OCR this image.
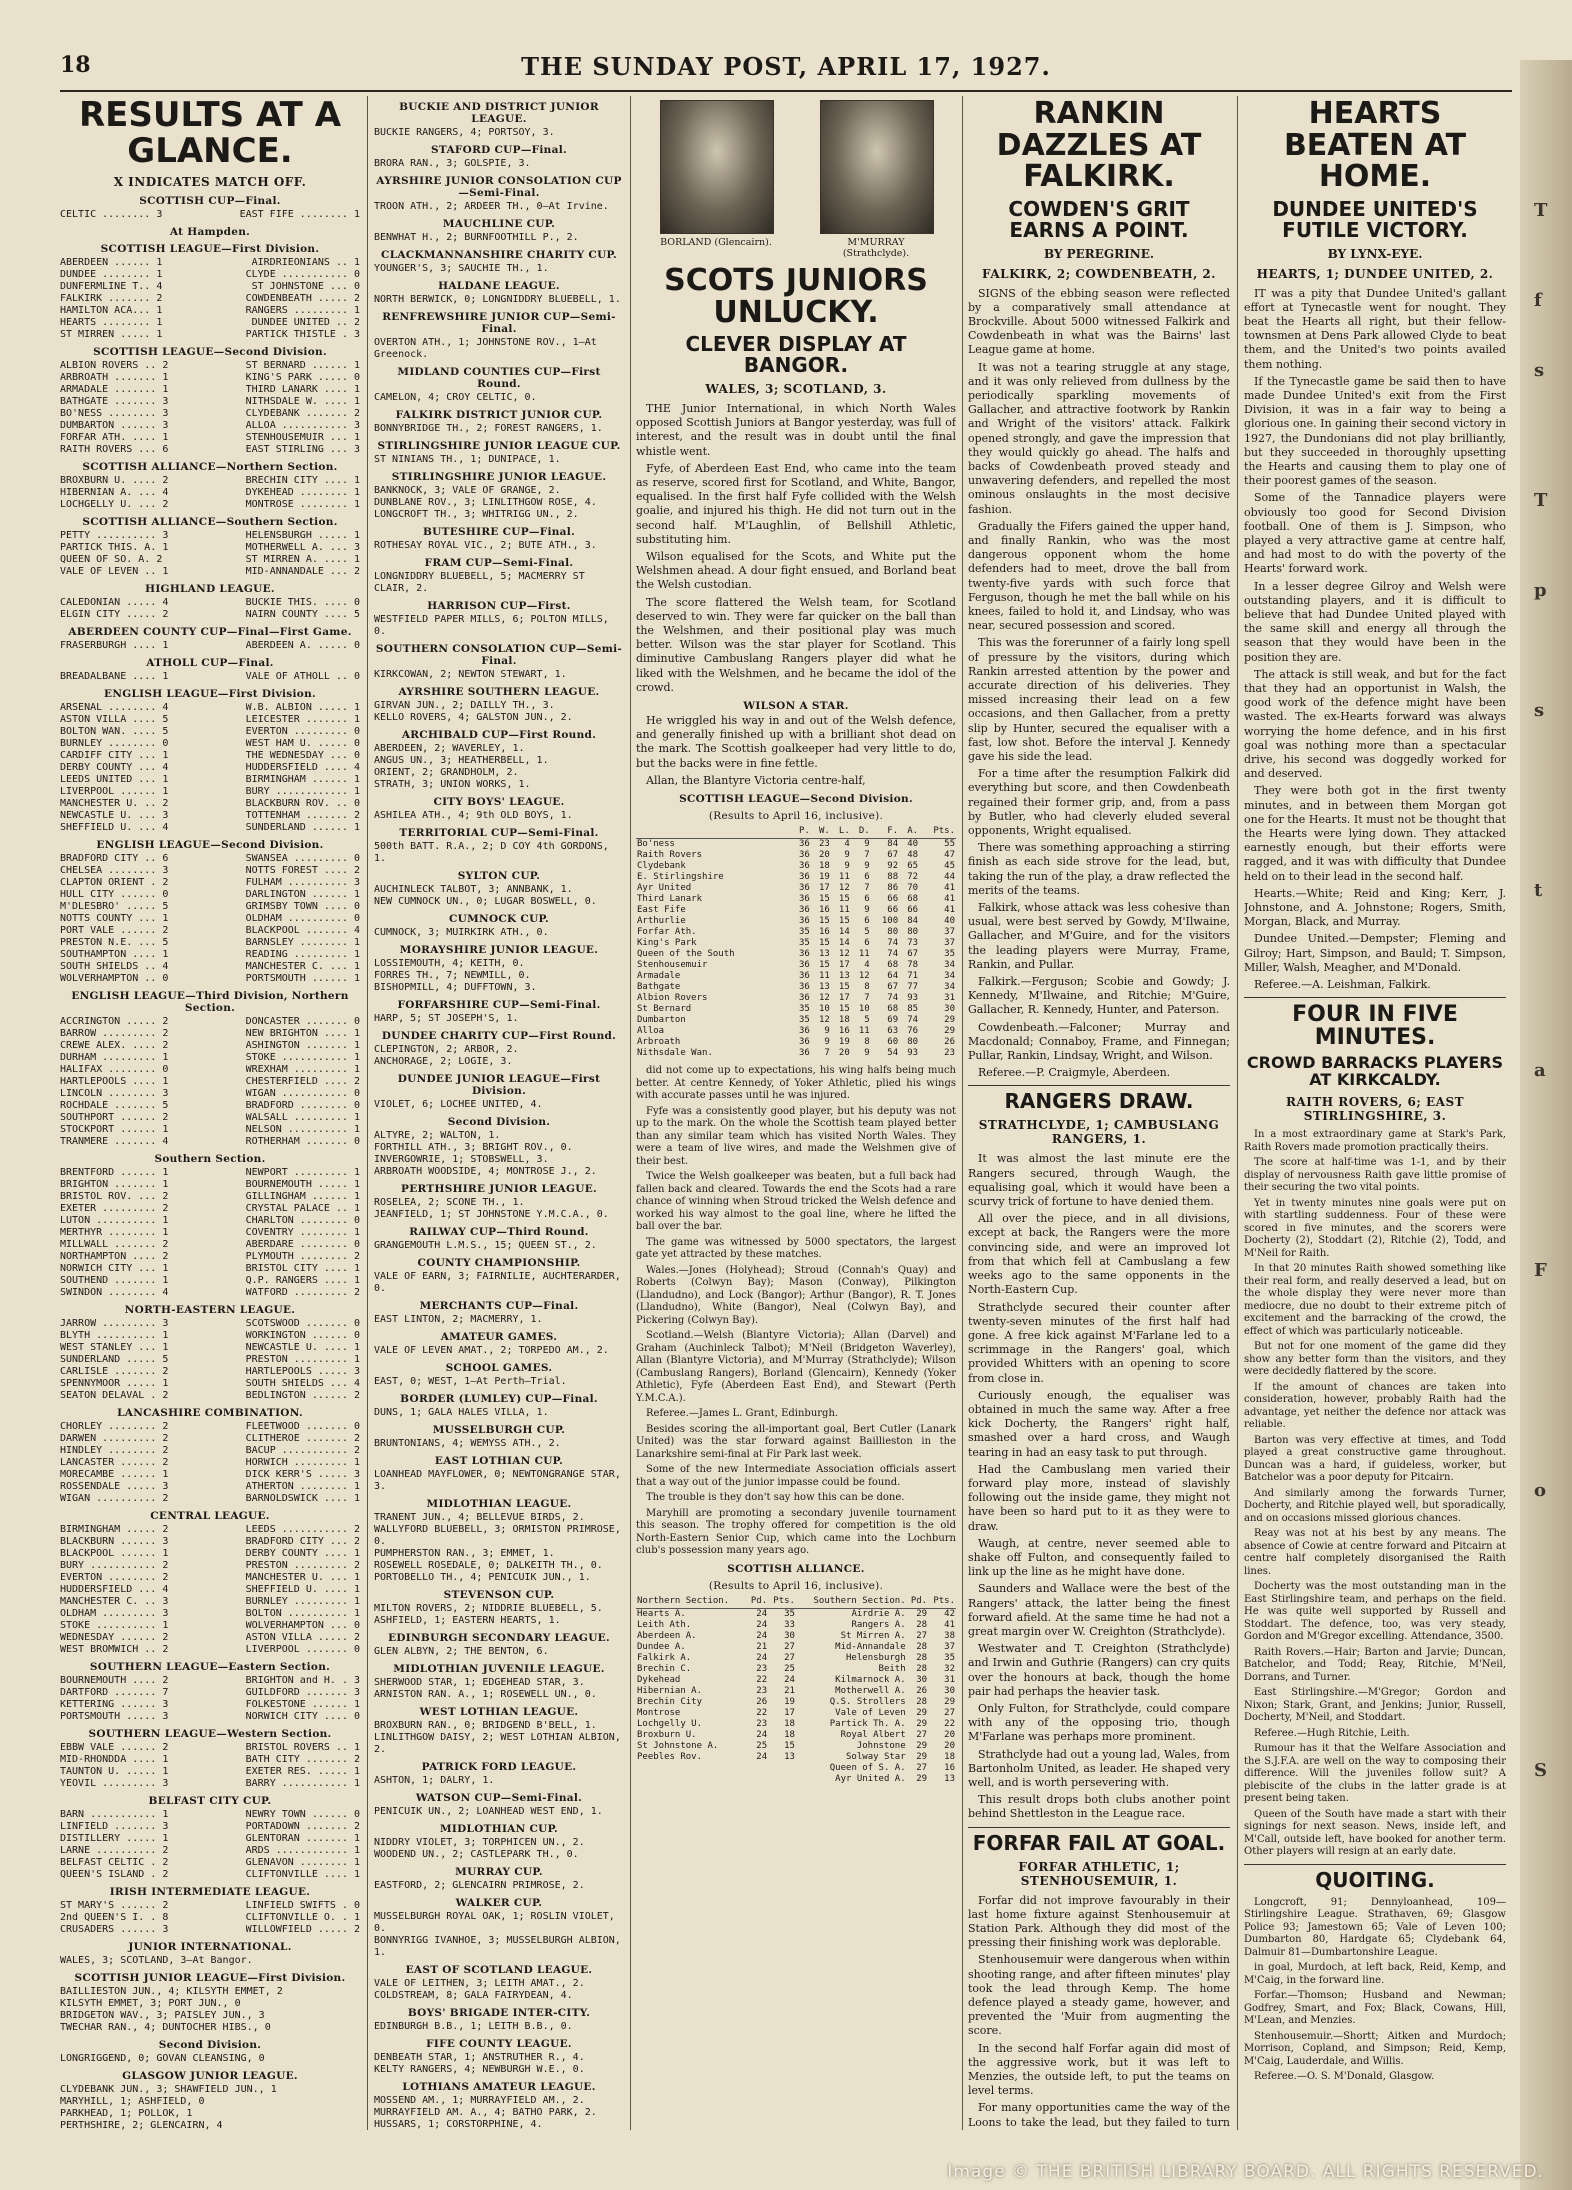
18	THE SUNDAY POST, APRIL 17, 1927.
RESULTS AT A GLANCE.
X INDICATES MATCH OFF.
SCOTTISH CUP—Final.
CELTIC ........ 3	EAST FIFE ........ 1
At Hampden.
SCOTTISH LEAGUE—First Division.
ABERDEEN ...... 1	AIRDRIEONIANS .. 1
DUNDEE ........ 1	CLYDE ........... 0
DUNFERMLINE T.. 4	ST JOHNSTONE ... 0
FALKIRK ....... 2	COWDENBEATH ..... 2
HAMILTON ACA... 1	RANGERS ......... 1
HEARTS ........ 1	DUNDEE UNITED .. 2
ST MIRREN ..... 1	PARTICK THISTLE . 3
SCOTTISH LEAGUE—Second Division.
ALBION ROVERS .. 2	ST BERNARD ...... 1
ARBROATH ....... 1	KING'S PARK ..... 0
ARMADALE ....... 1	THIRD LANARK .... 1
BATHGATE ....... 3	NITHSDALE W. .... 1
BO'NESS ........ 3	CLYDEBANK ....... 2
DUMBARTON ...... 3	ALLOA ........... 3
FORFAR ATH. .... 1	STENHOUSEMUIR ... 1
RAITH ROVERS ... 6	EAST STIRLING ... 3
SCOTTISH ALLIANCE—Northern Section.
BROXBURN U. .... 2	BRECHIN CITY .... 1
HIBERNIAN A. ... 4	DYKEHEAD ........ 1
LOCHGELLY U. ... 2	MONTROSE ........ 1
SCOTTISH ALLIANCE—Southern Section.
PETTY .......... 3	HELENSBURGH ..... 1
PARTICK THIS. A. 1	MOTHERWELL A. ... 3
QUEEN OF SO. A. 2	ST MIRREN A. .... 1
VALE OF LEVEN .. 1	MID-ANNANDALE ... 2
HIGHLAND LEAGUE.
CALEDONIAN ..... 4	BUCKIE THIS. .... 0
ELGIN CITY ..... 2	NAIRN COUNTY .... 5
ABERDEEN COUNTY CUP—Final—First Game.
FRASERBURGH .... 1	ABERDEEN A. ..... 0
ATHOLL CUP—Final.
BREADALBANE .... 1	VALE OF ATHOLL .. 0
ENGLISH LEAGUE—First Division.
ARSENAL ........ 4	W.B. ALBION ..... 1
ASTON VILLA .... 5	LEICESTER ....... 1
BOLTON WAN. .... 5	EVERTON ......... 0
BURNLEY ........ 0	WEST HAM U. ..... 0
CARDIFF CITY ... 1	THE WEDNESDAY ... 0
DERBY COUNTY ... 4	HUDDERSFIELD .... 4
LEEDS UNITED ... 1	BIRMINGHAM ...... 1
LIVERPOOL ...... 1	BURY ............ 1
MANCHESTER U. .. 2	BLACKBURN ROV. .. 0
NEWCASTLE U. ... 3	TOTTENHAM ....... 2
SHEFFIELD U. ... 4	SUNDERLAND ...... 1
ENGLISH LEAGUE—Second Division.
BRADFORD CITY .. 6	SWANSEA ......... 0
CHELSEA ........ 3	NOTTS FOREST .... 2
CLAPTON ORIENT . 2	FULHAM .......... 3
HULL CITY ...... 0	DARLINGTON ...... 1
M'DLESBRO' ..... 5	GRIMSBY TOWN .... 0
NOTTS COUNTY ... 1	OLDHAM .......... 0
PORT VALE ...... 2	BLACKPOOL ....... 4
PRESTON N.E. ... 5	BARNSLEY ........ 1
SOUTHAMPTON .... 1	READING ......... 1
SOUTH SHIELDS .. 4	MANCHESTER C. ... 1
WOLVERHAMPTON .. 0	PORTSMOUTH ...... 1
ENGLISH LEAGUE—Third Division, Northern Section.
ACCRINGTON ..... 2	DONCASTER ....... 0
BARROW ......... 2	NEW BRIGHTON .... 1
CREWE ALEX. .... 2	ASHINGTON ....... 1
DURHAM ......... 1	STOKE ........... 1
HALIFAX ........ 0	WREXHAM ......... 1
HARTLEPOOLS .... 1	CHESTERFIELD .... 2
LINCOLN ........ 3	WIGAN ........... 0
ROCHDALE ....... 5	BRADFORD ........ 0
SOUTHPORT ...... 2	WALSALL ......... 1
STOCKPORT ...... 1	NELSON .......... 1
TRANMERE ....... 4	ROTHERHAM ....... 0
Southern Section.
BRENTFORD ...... 1	NEWPORT ......... 1
BRIGHTON ....... 1	BOURNEMOUTH ..... 1
BRISTOL ROV. ... 2	GILLINGHAM ...... 1
EXETER ......... 2	CRYSTAL PALACE .. 1
LUTON .......... 1	CHARLTON ........ 0
MERTHYR ........ 1	COVENTRY ........ 1
MILLWALL ....... 2	ABERDARE ........ 0
NORTHAMPTON .... 2	PLYMOUTH ........ 2
NORWICH CITY ... 1	BRISTOL CITY .... 1
SOUTHEND ....... 1	Q.P. RANGERS .... 1
SWINDON ........ 4	WATFORD ......... 2
NORTH-EASTERN LEAGUE.
JARROW ......... 3	SCOTSWOOD ....... 0
BLYTH .......... 1	WORKINGTON ...... 0
WEST STANLEY ... 1	NEWCASTLE U. .... 1
SUNDERLAND ..... 5	PRESTON ......... 1
CARLISLE ....... 2	HARTLEPOOLS ..... 3
SPENNYMOOR ..... 1	SOUTH SHIELDS ... 4
SEATON DELAVAL . 2	BEDLINGTON ...... 2
LANCASHIRE COMBINATION.
CHORLEY ........ 2	FLEETWOOD ....... 0
DARWEN ......... 2	CLITHEROE ....... 2
HINDLEY ........ 2	BACUP ........... 2
LANCASTER ...... 2	HORWICH ......... 1
MORECAMBE ...... 1	DICK KERR'S ..... 3
ROSSENDALE ..... 3	ATHERTON ........ 1
WIGAN .......... 2	BARNOLDSWICK .... 1
CENTRAL LEAGUE.
BIRMINGHAM ..... 2	LEEDS ........... 2
BLACKBURN ...... 3	BRADFORD CITY ... 2
BLACKPOOL ...... 1	DERBY COUNTY .... 1
BURY ........... 2	PRESTON ......... 2
EVERTON ........ 2	MANCHESTER U. ... 1
HUDDERSFIELD ... 4	SHEFFIELD U. .... 1
MANCHESTER C. .. 3	BURNLEY ......... 1
OLDHAM ......... 3	BOLTON .......... 1
STOKE .......... 1	WOLVERHAMPTON ... 0
WEDNESDAY ...... 2	ASTON VILLA ..... 2
WEST BROMWICH .. 2	LIVERPOOL ....... 0
SOUTHERN LEAGUE—Eastern Section.
BOURNEMOUTH .... 2	BRIGHTON and H. . 3
DARTFORD ....... 7	GUILDFORD ....... 3
KETTERING ...... 3	FOLKESTONE ...... 1
PORTSMOUTH ..... 3	NORWICH CITY .... 0
SOUTHERN LEAGUE—Western Section.
EBBW VALE ...... 2	BRISTOL ROVERS .. 1
MID-RHONDDA .... 1	BATH CITY ....... 2
TAUNTON U. ..... 1	EXETER RES. ..... 1
YEOVIL ......... 3	BARRY ........... 1
BELFAST CITY CUP.
BARN ........... 1	NEWRY TOWN ...... 0
LINFIELD ....... 3	PORTADOWN ....... 2
DISTILLERY ..... 1	GLENTORAN ....... 1
LARNE .......... 2	ARDS ............ 1
BELFAST CELTIC . 2	GLENAVON ........ 1
QUEEN'S ISLAND . 2	CLIFTONVILLE .... 1
IRISH INTERMEDIATE LEAGUE.
ST MARY'S ...... 2	LINFIELD SWIFTS . 0
2nd QUEEN'S I. . 8	CLIFTONVILLE O. . 1
CRUSADERS ...... 3	WILLOWFIELD ..... 2
JUNIOR INTERNATIONAL.
WALES, 3; SCOTLAND, 3—At Bangor.
SCOTTISH JUNIOR LEAGUE—First Division.
BAILLIESTON JUN., 4; KILSYTH EMMET, 2
KILSYTH EMMET, 3; PORT JUN., 0
BRIDGETON WAV., 3; PAISLEY JUN., 3
TWECHAR RAN., 4; DUNTOCHER HIBS., 0
Second Division.
LONGRIGGEND, 0; GOVAN CLEANSING, 0
GLASGOW JUNIOR LEAGUE.
CLYDEBANK JUN., 3; SHAWFIELD JUN., 1
MARYHILL, 1; ASHFIELD, 0
PARKHEAD, 1; POLLOK, 1
PERTHSHIRE, 2; GLENCAIRN, 4
BUCKIE AND DISTRICT JUNIOR LEAGUE.
BUCKIE RANGERS, 4; PORTSOY, 3.
STAFORD CUP—Final.
BRORA RAN., 3; GOLSPIE, 3.
AYRSHIRE JUNIOR CONSOLATION CUP—Semi-Final.
TROON ATH., 2; ARDEER TH., 0—At Irvine.
MAUCHLINE CUP.
BENWHAT H., 2; BURNFOOTHILL P., 2.
CLACKMANNANSHIRE CHARITY CUP.
YOUNGER'S, 3; SAUCHIE TH., 1.
HALDANE LEAGUE.
NORTH BERWICK, 0; LONGNIDDRY BLUEBELL, 1.
RENFREWSHIRE JUNIOR CUP—Semi-Final.
OVERTON ATH., 1; JOHNSTONE ROV., 1—At Greenock.
MIDLAND COUNTIES CUP—First Round.
CAMELON, 4; CROY CELTIC, 0.
FALKIRK DISTRICT JUNIOR CUP.
BONNYBRIDGE TH., 2; FOREST RANGERS, 1.
STIRLINGSHIRE JUNIOR LEAGUE CUP.
ST NINIANS TH., 1; DUNIPACE, 1.
STIRLINGSHIRE JUNIOR LEAGUE.
BANKNOCK, 3; VALE OF GRANGE, 2.
DUNBLANE ROV., 3; LINLITHGOW ROSE, 4.
LONGCROFT TH., 3; WHITRIGG UN., 2.
BUTESHIRE CUP—Final.
ROTHESAY ROYAL VIC., 2; BUTE ATH., 3.
FRAM CUP—Semi-Final.
LONGNIDDRY BLUEBELL, 5; MACMERRY ST CLAIR, 2.
HARRISON CUP—First.
WESTFIELD PAPER MILLS, 6; POLTON MILLS, 0.
SOUTHERN CONSOLATION CUP—Semi-Final.
KIRKCOWAN, 2; NEWTON STEWART, 1.
AYRSHIRE SOUTHERN LEAGUE.
GIRVAN JUN., 2; DAILLY TH., 3.
KELLO ROVERS, 4; GALSTON JUN., 2.
ARCHIBALD CUP—First Round.
ABERDEEN, 2; WAVERLEY, 1.
ANGUS UN., 3; HEATHERBELL, 1.
ORIENT, 2; GRANDHOLM, 2.
STRATH, 3; UNION WORKS, 1.
CITY BOYS' LEAGUE.
ASHILEA ATH., 4; 9th OLD BOYS, 1.
TERRITORIAL CUP—Semi-Final.
500th BATT. R.A., 2; D COY 4th GORDONS, 1.
SYLTON CUP.
AUCHINLECK TALBOT, 3; ANNBANK, 1.
NEW CUMNOCK UN., 0; LUGAR BOSWELL, 0.
CUMNOCK CUP.
CUMNOCK, 3; MUIRKIRK ATH., 0.
MORAYSHIRE JUNIOR LEAGUE.
LOSSIEMOUTH, 4; KEITH, 0.
FORRES TH., 7; NEWMILL, 0.
BISHOPMILL, 4; DUFFTOWN, 3.
FORFARSHIRE CUP—Semi-Final.
HARP, 5; ST JOSEPH'S, 1.
DUNDEE CHARITY CUP—First Round.
CLEPINGTON, 2; ARBOR, 2.
ANCHORAGE, 2; LOGIE, 3.
DUNDEE JUNIOR LEAGUE—First Division.
VIOLET, 6; LOCHEE UNITED, 4.
Second Division.
ALTYRE, 2; WALTON, 1.
FORTHILL ATH., 3; BRIGHT ROV., 0.
INVERGOWRIE, 1; STOBSWELL, 3.
ARBROATH WOODSIDE, 4; MONTROSE J., 2.
PERTHSHIRE JUNIOR LEAGUE.
ROSELEA, 2; SCONE TH., 1.
JEANFIELD, 1; ST JOHNSTONE Y.M.C.A., 0.
RAILWAY CUP—Third Round.
GRANGEMOUTH L.M.S., 15; QUEEN ST., 2.
COUNTY CHAMPIONSHIP.
VALE OF EARN, 3; FAIRNILIE, AUCHTERARDER, 0.
MERCHANTS CUP—Final.
EAST LINTON, 2; MACMERRY, 1.
AMATEUR GAMES.
VALE OF LEVEN AMAT., 2; TORPEDO AM., 2.
SCHOOL GAMES.
EAST, 0; WEST, 1—At Perth—Trial.
BORDER (LUMLEY) CUP—Final.
DUNS, 1; GALA HALES VILLA, 1.
MUSSELBURGH CUP.
BRUNTONIANS, 4; WEMYSS ATH., 2.
EAST LOTHIAN CUP.
LOANHEAD MAYFLOWER, 0; NEWTONGRANGE STAR, 3.
MIDLOTHIAN LEAGUE.
TRANENT JUN., 4; BELLEVUE BIRDS, 2.
WALLYFORD BLUEBELL, 3; ORMISTON PRIMROSE, 0.
PUMPHERSTON RAN., 3; EMMET, 1.
ROSEWELL ROSEDALE, 0; DALKEITH TH., 0.
PORTOBELLO TH., 4; PENICUIK JUN., 1.
STEVENSON CUP.
MILTON ROVERS, 2; NIDDRIE BLUEBELL, 5.
ASHFIELD, 1; EASTERN HEARTS, 1.
EDINBURGH SECONDARY LEAGUE.
GLEN ALBYN, 2; THE BENTON, 6.
MIDLOTHIAN JUVENILE LEAGUE.
SHERWOOD STAR, 1; EDGEHEAD STAR, 3.
ARNISTON RAN. A., 1; ROSEWELL UN., 0.
WEST LOTHIAN LEAGUE.
BROXBURN RAN., 0; BRIDGEND B'BELL, 1.
LINLITHGOW DAISY, 2; WEST LOTHIAN ALBION, 2.
PATRICK FORD LEAGUE.
ASHTON, 1; DALRY, 1.
WATSON CUP—Semi-Final.
PENICUIK UN., 2; LOANHEAD WEST END, 1.
MIDLOTHIAN CUP.
NIDDRY VIOLET, 3; TORPHICEN UN., 2.
WOODEND UN., 2; CASTLEPARK TH., 0.
MURRAY CUP.
EASTFORD, 2; GLENCAIRN PRIMROSE, 2.
WALKER CUP.
MUSSELBURGH ROYAL OAK, 1; ROSLIN VIOLET, 0.
BONNYRIGG IVANHOE, 3; MUSSELBURGH ALBION, 1.
EAST OF SCOTLAND LEAGUE.
VALE OF LEITHEN, 3; LEITH AMAT., 2.
COLDSTREAM, 8; GALA FAIRYDEAN, 4.
BOYS' BRIGADE INTER-CITY.
EDINBURGH B.B., 1; LEITH B.B., 0.
FIFE COUNTY LEAGUE.
DENBEATH STAR, 1; ANSTRUTHER R., 4.
KELTY RANGERS, 4; NEWBURGH W.E., 0.
LOTHIANS AMATEUR LEAGUE.
MOSSEND AM., 1; MURRAYFIELD AM., 2.
MURRAYFIELD AM. A., 4; BATHO PARK, 2.
HUSSARS, 1; CORSTORPHINE, 4.
BORLAND (Glencairn).	M'MURRAY (Strathclyde).
SCOTS JUNIORS UNLUCKY.
CLEVER DISPLAY AT BANGOR.
WALES, 3; SCOTLAND, 3.

THE Junior International, in which North Wales opposed Scottish Juniors at Bangor yesterday, was full of interest, and the result was in doubt until the final whistle went.

Fyfe, of Aberdeen East End, who came into the team as reserve, scored first for Scotland, and White, Bangor, equalised. In the first half Fyfe collided with the Welsh goalie, and injured his thigh. He did not turn out in the second half. M'Laughlin, of Bellshill Athletic, substituting him.

Wilson equalised for the Scots, and White put the Welshmen ahead. A dour fight ensued, and Borland beat the Welsh custodian.

The score flattered the Welsh team, for Scotland deserved to win. They were far quicker on the ball than the Welshmen, and their positional play was much better. Wilson was the star player for Scotland. This diminutive Cambuslang Rangers player did what he liked with the Welshmen, and he became the idol of the crowd.

WILSON A STAR.

He wriggled his way in and out of the Welsh defence, and generally finished up with a brilliant shot dead on the mark. The Scottish goalkeeper had very little to do, but the backs were in fine fettle.

Allan, the Blantyre Victoria centre-half,

SCOTTISH LEAGUE—Second Division.
(Results to April 16, inclusive).
	P.	W.	L.	D.	F.	A.	Pts.
Bo'ness	36	23	4	9	84	40	55
Raith Rovers	36	20	9	7	67	48	47
Clydebank	36	18	9	9	92	65	45
E. Stirlingshire	36	19	11	6	88	72	44
Ayr United	36	17	12	7	86	70	41
Third Lanark	36	15	15	6	66	68	41
East Fife	36	16	11	9	66	66	41
Arthurlie	36	15	15	6	100	84	40
Forfar Ath.	35	16	14	5	80	80	37
King's Park	35	15	14	6	74	73	37
Queen of the South	36	13	12	11	74	67	35
Stenhousemuir	36	15	17	4	68	78	34
Armadale	36	11	13	12	64	71	34
Bathgate	36	13	15	8	67	77	34
Albion Rovers	36	12	17	7	74	93	31
St Bernard	35	10	15	10	68	85	30
Dumbarton	35	12	18	5	69	74	29
Alloa	36	9	16	11	63	76	29
Arbroath	36	9	19	8	60	80	26
Nithsdale Wan.	36	7	20	9	54	93	23

did not come up to expectations, his wing halfs being much better. At centre Kennedy, of Yoker Athletic, plied his wings with accurate passes until he was injured.

Fyfe was a consistently good player, but his deputy was not up to the mark. On the whole the Scottish team played better than any similar team which has visited North Wales. They were a team of live wires, and made the Welshmen give of their best.

Twice the Welsh goalkeeper was beaten, but a full back had fallen back and cleared. Towards the end the Scots had a rare chance of winning when Stroud tricked the Welsh defence and worked his way almost to the goal line, where he lifted the ball over the bar.

The game was witnessed by 5000 spectators, the largest gate yet attracted by these matches.

Wales.—Jones (Holyhead); Stroud (Connah's Quay) and Roberts (Colwyn Bay); Mason (Conway), Pilkington (Llandudno), and Lock (Bangor); Arthur (Bangor), R. T. Jones (Llandudno), White (Bangor), Neal (Colwyn Bay), and Pickering (Colwyn Bay).

Scotland.—Welsh (Blantyre Victoria); Allan (Darvel) and Graham (Auchinleck Talbot); M'Neil (Bridgeton Waverley), Allan (Blantyre Victoria), and M'Murray (Strathclyde); Wilson (Cambuslang Rangers), Borland (Glencairn), Kennedy (Yoker Athletic), Fyfe (Aberdeen East End), and Stewart (Perth Y.M.C.A.).

Referee.—James L. Grant, Edinburgh.

Besides scoring the all-important goal, Bert Cutler (Lanark United) was the star forward against Baillieston in the Lanarkshire semi-final at Fir Park last week.

Some of the new Intermediate Association officials assert that a way out of the junior impasse could be found.

The trouble is they don't say how this can be done.

Maryhill are promoting a secondary juvenile tournament this season. The trophy offered for competition is the old North-Eastern Senior Cup, which came into the Lochburn club's possession many years ago.

SCOTTISH ALLIANCE.
(Results to April 16, inclusive).
Northern Section.	Pd.	Pts.	Southern Section.	Pd.	Pts.
Hearts A.	24	35	Airdrie A.	29	42
Leith Ath.	24	33	Rangers A.	28	41
Aberdeen A.	24	30	St Mirren A.	27	38
Dundee A.	21	27	Mid-Annandale	28	37
Falkirk A.	24	27	Helensburgh	28	35
Brechin C.	23	25	Beith	28	32
Dykehead	22	24	Kilmarnock A.	30	31
Hibernian A.	23	21	Motherwell A.	26	30
Brechin City	26	19	Q.S. Strollers	28	29
Montrose	22	17	Vale of Leven	29	27
Lochgelly U.	23	18	Partick Th. A.	29	22
Broxburn U.	24	18	Royal Albert	27	20
St Johnstone A.	25	15	Johnstone	29	20
Peebles Rov.	24	13	Solway Star	29	18
			Queen of S. A.	27	16
			Ayr United A.	29	13
RANKIN DAZZLES AT FALKIRK.
COWDEN'S GRIT EARNS A POINT.
BY PEREGRINE.
FALKIRK, 2; COWDENBEATH, 2.

SIGNS of the ebbing season were reflected by a comparatively small attendance at Brockville. About 5000 witnessed Falkirk and Cowdenbeath in what was the Bairns' last League game at home.

It was not a tearing struggle at any stage, and it was only relieved from dullness by the periodically sparkling movements of Gallacher, and attractive footwork by Rankin and Wright of the visitors' attack. Falkirk opened strongly, and gave the impression that they would quickly go ahead. The halfs and backs of Cowdenbeath proved steady and unwavering defenders, and repelled the most ominous onslaughts in the most decisive fashion.

Gradually the Fifers gained the upper hand, and finally Rankin, who was the most dangerous opponent whom the home defenders had to meet, drove the ball from twenty-five yards with such force that Ferguson, though he met the ball while on his knees, failed to hold it, and Lindsay, who was near, secured possession and scored.

This was the forerunner of a fairly long spell of pressure by the visitors, during which Rankin arrested attention by the power and accurate direction of his deliveries. They missed increasing their lead on a few occasions, and then Gallacher, from a pretty slip by Hunter, secured the equaliser with a fast, low shot. Before the interval J. Kennedy gave his side the lead.

For a time after the resumption Falkirk did everything but score, and then Cowdenbeath regained their former grip, and, from a pass by Butler, who had cleverly eluded several opponents, Wright equalised.

There was something approaching a stirring finish as each side strove for the lead, but, taking the run of the play, a draw reflected the merits of the teams.

Falkirk, whose attack was less cohesive than usual, were best served by Gowdy, M'Ilwaine, Gallacher, and M'Guire, and for the visitors the leading players were Murray, Frame, Rankin, and Pullar.

Falkirk.—Ferguson; Scobie and Gowdy; J. Kennedy, M'Ilwaine, and Ritchie; M'Guire, Gallacher, R. Kennedy, Hunter, and Paterson.

Cowdenbeath.—Falconer; Murray and Macdonald; Connaboy, Frame, and Finnegan; Pullar, Rankin, Lindsay, Wright, and Wilson.

Referee.—P. Craigmyle, Aberdeen.

RANGERS DRAW.
STRATHCLYDE, 1; CAMBUSLANG RANGERS, 1.

It was almost the last minute ere the Rangers secured, through Waugh, the equalising goal, which it would have been a scurvy trick of fortune to have denied them.

All over the piece, and in all divisions, except at back, the Rangers were the more convincing side, and were an improved lot from that which fell at Cambuslang a few weeks ago to the same opponents in the North-Eastern Cup.

Strathclyde secured their counter after twenty-seven minutes of the first half had gone. A free kick against M'Farlane led to a scrimmage in the Rangers' goal, which provided Whitters with an opening to score from close in.

Curiously enough, the equaliser was obtained in much the same way. After a free kick Docherty, the Rangers' right half, smashed over a hard cross, and Waugh tearing in had an easy task to put through.

Had the Cambuslang men varied their forward play more, instead of slavishly following out the inside game, they might not have been so hard put to it as they were to draw.

Waugh, at centre, never seemed able to shake off Fulton, and consequently failed to link up the line as he might have done.

Saunders and Wallace were the best of the Rangers' attack, the latter being the finest forward afield. At the same time he had not a great margin over W. Creighton (Strathclyde).

Westwater and T. Creighton (Strathclyde) and Irwin and Guthrie (Rangers) can cry quits over the honours at back, though the home pair had perhaps the heavier task.

Only Fulton, for Strathclyde, could compare with any of the opposing trio, though M'Farlane was perhaps more prominent.

Strathclyde had out a young lad, Wales, from Bartonholm United, as leader. He shaped very well, and is worth persevering with.

This result drops both clubs another point behind Shettleston in the League race.

FORFAR FAIL AT GOAL.
FORFAR ATHLETIC, 1; STENHOUSEMUIR, 1.

Forfar did not improve favourably in their last home fixture against Stenhousemuir at Station Park. Although they did most of the pressing their finishing work was deplorable.

Stenhousemuir were dangerous when within shooting range, and after fifteen minutes' play took the lead through Kemp. The home defence played a steady game, however, and prevented the 'Muir from augmenting the score.

In the second half Forfar again did most of the aggressive work, but it was left to Menzies, the outside left, to put the teams on level terms.

For many opportunities came the way of the Loons to take the lead, but they failed to turn

HEARTS BEATEN AT HOME.
DUNDEE UNITED'S FUTILE VICTORY.
BY LYNX-EYE.
HEARTS, 1; DUNDEE UNITED, 2.

IT was a pity that Dundee United's gallant effort at Tynecastle went for nought. They beat the Hearts all right, but their fellow-townsmen at Dens Park allowed Clyde to beat them, and the United's two points availed them nothing.

If the Tynecastle game be said then to have made Dundee United's exit from the First Division, it was in a fair way to being a glorious one. In gaining their second victory in 1927, the Dundonians did not play brilliantly, but they succeeded in thoroughly upsetting the Hearts and causing them to play one of their poorest games of the season.

Some of the Tannadice players were obviously too good for Second Division football. One of them is J. Simpson, who played a very attractive game at centre half, and had most to do with the poverty of the Hearts' forward work.

In a lesser degree Gilroy and Welsh were outstanding players, and it is difficult to believe that had Dundee United played with the same skill and energy all through the season that they would have been in the position they are.

The attack is still weak, and but for the fact that they had an opportunist in Walsh, the good work of the defence might have been wasted. The ex-Hearts forward was always worrying the home defence, and in his first goal was nothing more than a spectacular drive, his second was doggedly worked for and deserved.

They were both got in the first twenty minutes, and in between them Morgan got one for the Hearts. It must not be thought that the Hearts were lying down. They attacked earnestly enough, but their efforts were ragged, and it was with difficulty that Dundee held on to their lead in the second half.

Hearts.—White; Reid and King; Kerr, J. Johnstone, and A. Johnstone; Rogers, Smith, Morgan, Black, and Murray.

Dundee United.—Dempster; Fleming and Gilroy; Hart, Simpson, and Bauld; T. Simpson, Miller, Walsh, Meagher, and M'Donald.

Referee.—A. Leishman, Falkirk.

FOUR IN FIVE MINUTES.
CROWD BARRACKS PLAYERS AT KIRKCALDY.
RAITH ROVERS, 6; EAST STIRLINGSHIRE, 3.

In a most extraordinary game at Stark's Park, Raith Rovers made promotion practically theirs.

The score at half-time was 1-1, and by their display of nervousness Raith gave little promise of their securing the two vital points.

Yet in twenty minutes nine goals were put on with startling suddenness. Four of these were scored in five minutes, and the scorers were Docherty (2), Stoddart (2), Ritchie (2), Todd, and M'Neil for Raith.

In that 20 minutes Raith showed something like their real form, and really deserved a lead, but on the whole display they were never more than mediocre, due no doubt to their extreme pitch of excitement and the barracking of the crowd, the effect of which was particularly noticeable.

But not for one moment of the game did they show any better form than the visitors, and they were decidedly flattered by the score.

If the amount of chances are taken into consideration, however, probably Raith had the advantage, yet neither the defence nor attack was reliable.

Barton was very effective at times, and Todd played a great constructive game throughout. Duncan was a hard, if guideless, worker, but Batchelor was a poor deputy for Pitcairn.

And similarly among the forwards Turner, Docherty, and Ritchie played well, but sporadically, and on occasions missed glorious chances.

Reay was not at his best by any means. The absence of Cowie at centre forward and Pitcairn at centre half completely disorganised the Raith lines.

Docherty was the most outstanding man in the East Stirlingshire team, and perhaps on the field. He was quite well supported by Russell and Stoddart. The defence, too, was very steady, Gordon and M'Gregor excelling. Attendance, 3500.

Raith Rovers.—Hair; Barton and Jarvie; Duncan, Batchelor, and Todd; Reay, Ritchie, M'Neil, Dorrans, and Turner.

East Stirlingshire.—M'Gregor; Gordon and Nixon; Stark, Grant, and Jenkins; Junior, Russell, Docherty, M'Neil, and Stoddart.

Referee.—Hugh Ritchie, Leith.

Rumour has it that the Welfare Association and the S.J.F.A. are well on the way to composing their difference. Will the juveniles follow suit? A plebiscite of the clubs in the latter grade is at present being taken.

Queen of the South have made a start with their signings for next season. News, inside left, and M'Call, outside left, have booked for another term. Other players will resign at an early date.

QUOITING.

Longcroft, 91; Dennyloanhead, 109—Stirlingshire League. Strathaven, 69; Glasgow Police 93; Jamestown 65; Vale of Leven 100; Dumbarton 80, Hardgate 65; Clydebank 64, Dalmuir 81—Dumbartonshire League.

in goal, Murdoch, at left back, Reid, Kemp, and M'Caig, in the forward line.

Forfar.—Thomson; Husband and Newman; Godfrey, Smart, and Fox; Black, Cowans, Hill, M'Lean, and Menzies.

Stenhousemuir.—Shortt; Aitken and Murdoch; Morrison, Copland, and Simpson; Reid, Kemp, M'Caig, Lauderdale, and Willis.

Referee.—O. S. M'Donald, Glasgow.

T
f
s
T
p
s
t
a
F
o
S
Image © THE BRITISH LIBRARY BOARD. ALL RIGHTS RESERVED.
